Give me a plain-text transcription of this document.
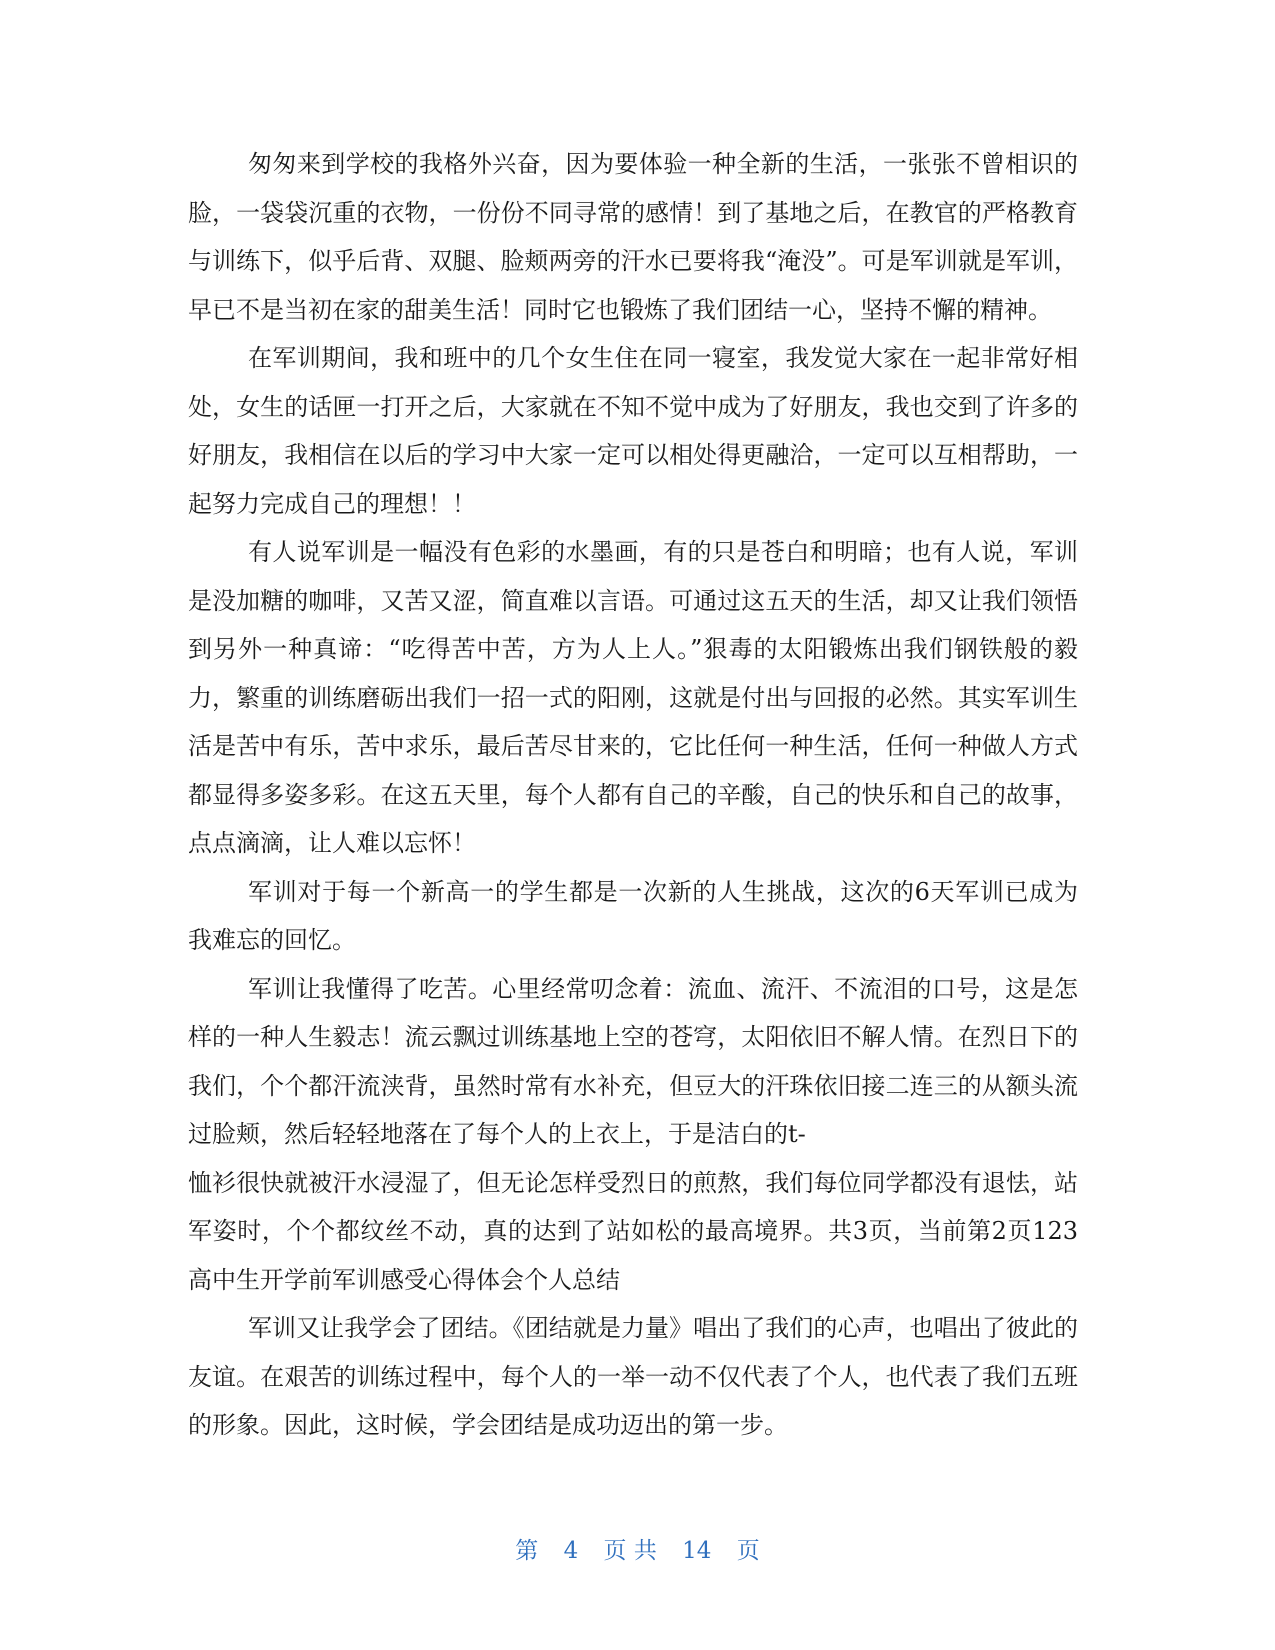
匆匆来到学校的我格外兴奋，因为要体验一种全新的生活，一张张不曾相识的脸，一袋袋沉重的衣物，一份份不同寻常的感情！到了基地之后，在教官的严格教育与训练下，似乎后背、双腿、脸颊两旁的汗水已要将我“淹没”。可是军训就是军训，早已不是当初在家的甜美生活！同时它也锻炼了我们团结一心，坚持不懈的精神。

在军训期间，我和班中的几个女生住在同一寝室，我发觉大家在一起非常好相处，女生的话匣一打开之后，大家就在不知不觉中成为了好朋友，我也交到了许多的好朋友，我相信在以后的学习中大家一定可以相处得更融洽，一定可以互相帮助，一起努力完成自己的理想！！

有人说军训是一幅没有色彩的水墨画，有的只是苍白和明暗；也有人说，军训是没加糖的咖啡，又苦又涩，简直难以言语。可通过这五天的生活，却又让我们领悟到另外一种真谛：“吃得苦中苦，方为人上人。”狠毒的太阳锻炼出我们钢铁般的毅力，繁重的训练磨砺出我们一招一式的阳刚，这就是付出与回报的必然。其实军训生活是苦中有乐，苦中求乐，最后苦尽甘来的，它比任何一种生活，任何一种做人方式都显得多姿多彩。在这五天里，每个人都有自己的辛酸，自己的快乐和自己的故事，点点滴滴，让人难以忘怀！

军训对于每一个新高一的学生都是一次新的人生挑战，这次的6天军训已成为我难忘的回忆。

军训让我懂得了吃苦。心里经常叨念着：流血、流汗、不流泪的口号，这是怎样的一种人生毅志！流云飘过训练基地上空的苍穹，太阳依旧不解人情。在烈日下的我们，个个都汗流浃背，虽然时常有水补充，但豆大的汗珠依旧接二连三的从额头流过脸颊，然后轻轻地落在了每个人的上衣上，于是洁白的t-

恤衫很快就被汗水浸湿了，但无论怎样受烈日的煎熬，我们每位同学都没有退怯，站军姿时，个个都纹丝不动，真的达到了站如松的最高境界。共3页，当前第2页123高中生开学前军训感受心得体会个人总结

军训又让我学会了团结。《团结就是力量》唱出了我们的心声，也唱出了彼此的友谊。在艰苦的训练过程中，每个人的一举一动不仅代表了个人，也代表了我们五班的形象。因此，这时候，学会团结是成功迈出的第一步。

第 4 页 共 14 页
